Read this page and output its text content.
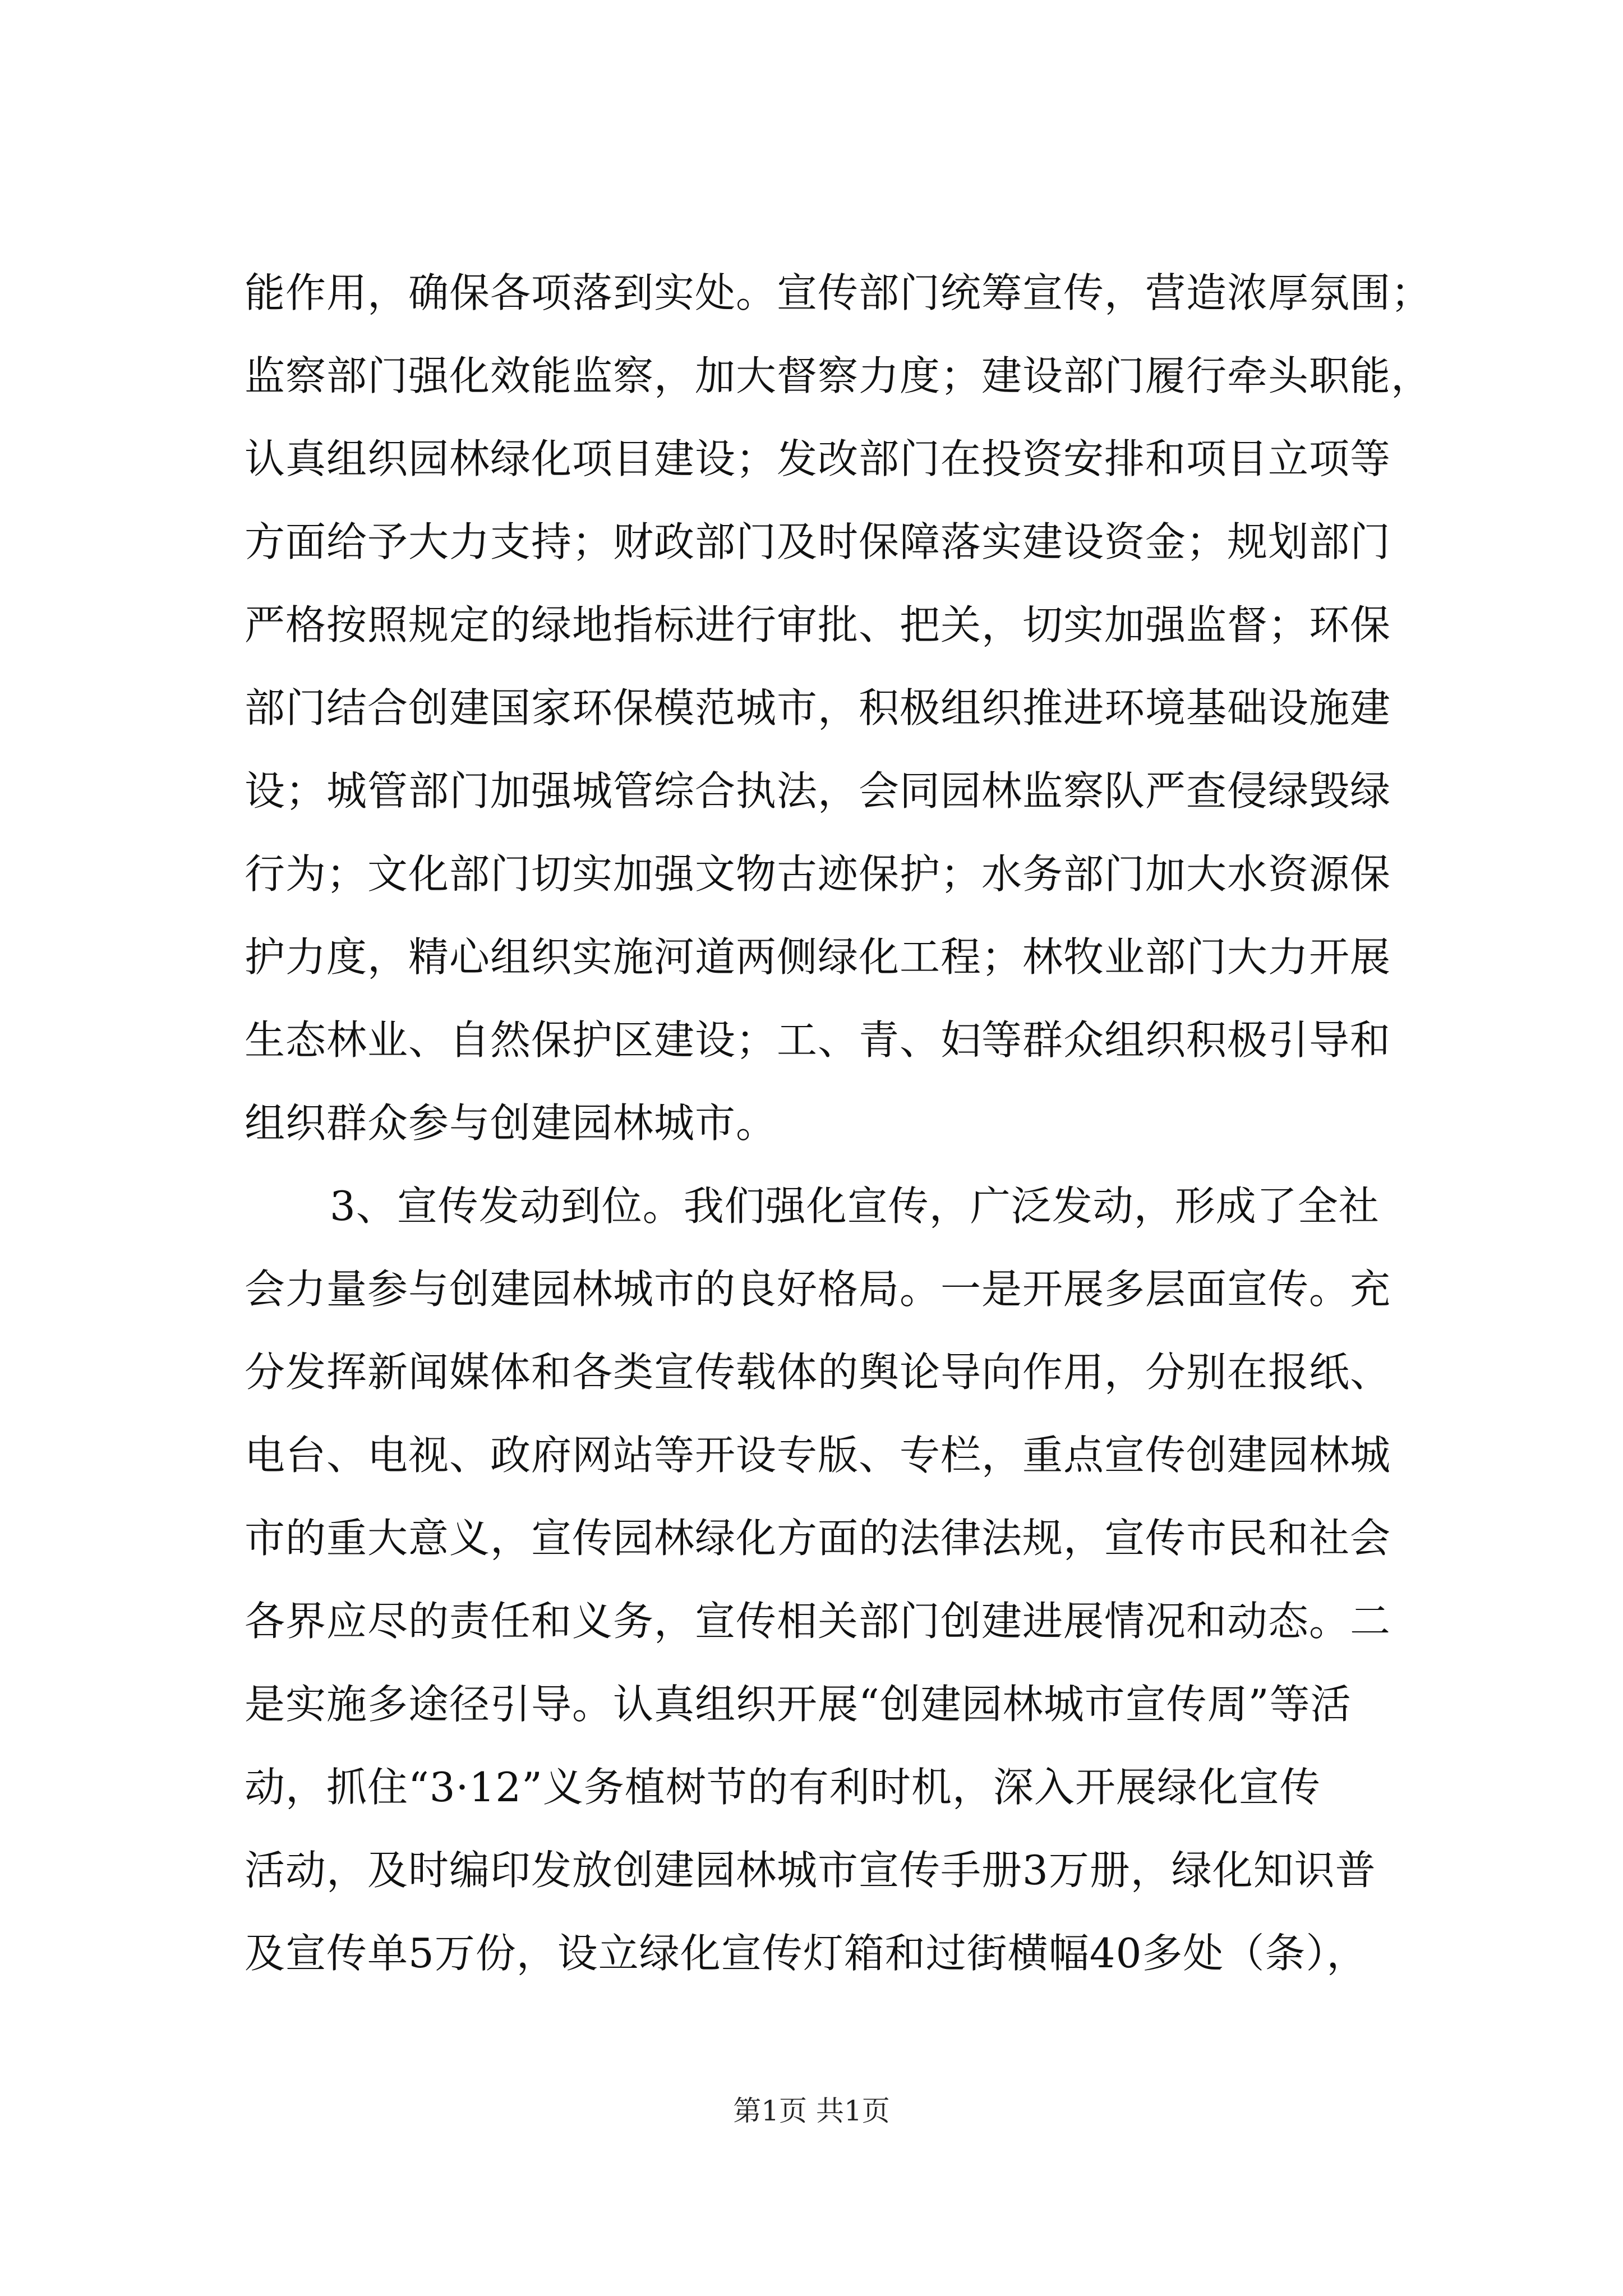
能作用，确保各项落到实处。宣传部门统筹宣传，营造浓厚氛围；
监察部门强化效能监察，加大督察力度；建设部门履行牵头职能，
认真组织园林绿化项目建设；发改部门在投资安排和项目立项等
方面给予大力支持；财政部门及时保障落实建设资金；规划部门
严格按照规定的绿地指标进行审批、把关，切实加强监督；环保
部门结合创建国家环保模范城市，积极组织推进环境基础设施建
设；城管部门加强城管综合执法，会同园林监察队严查侵绿毁绿
行为；文化部门切实加强文物古迹保护；水务部门加大水资源保
护力度，精心组织实施河道两侧绿化工程；林牧业部门大力开展
生态林业、自然保护区建设；工、青、妇等群众组织积极引导和
组织群众参与创建园林城市。
3、宣传发动到位。我们强化宣传，广泛发动，形成了全社
会力量参与创建园林城市的良好格局。一是开展多层面宣传。充
分发挥新闻媒体和各类宣传载体的舆论导向作用，分别在报纸、
电台、电视、政府网站等开设专版、专栏，重点宣传创建园林城
市的重大意义，宣传园林绿化方面的法律法规，宣传市民和社会
各界应尽的责任和义务，宣传相关部门创建进展情况和动态。二
是实施多途径引导。认真组织开展“创建园林城市宣传周”等活
动，抓住“3·12”义务植树节的有利时机，深入开展绿化宣传
活动，及时编印发放创建园林城市宣传手册3万册，绿化知识普
及宣传单5万份，设立绿化宣传灯箱和过街横幅40多处（条），
第1页 共1页
